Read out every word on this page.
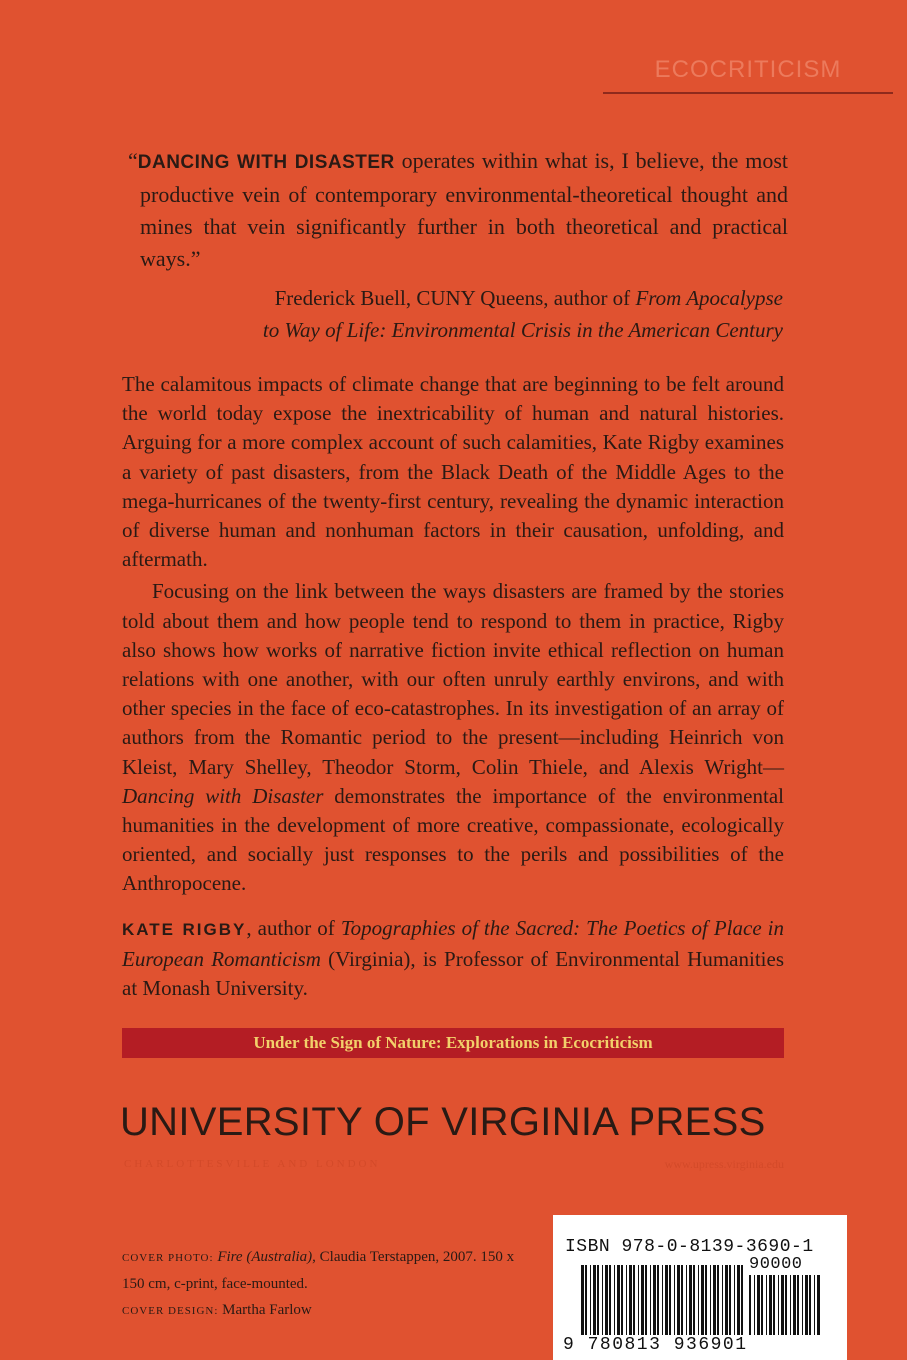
ECOCRITICISM
“DANCING WITH DISASTER operates within what is, I believe, the most productive vein of contemporary environmental-theoretical thought and mines that vein significantly further in both theoretical and practical ways.”
Frederick Buell, CUNY Queens, author of From Apocalypse
to Way of Life: Environmental Crisis in the American Century

The calamitous impacts of climate change that are beginning to be felt around the world today expose the inextricability of human and natural histories. Arguing for a more complex account of such calamities, Kate Rigby examines a variety of past disasters, from the Black Death of the Middle Ages to the mega-hurricanes of the twenty-first century, revealing the dynamic interaction of diverse human and nonhuman factors in their causation, unfolding, and aftermath.

Focusing on the link between the ways disasters are framed by the stories told about them and how people tend to respond to them in practice, Rigby also shows how works of narrative fiction invite ethical reflection on human relations with one another, with our often unruly earthly environs, and with other species in the face of eco-catastrophes. In its investigation of an array of authors from the Romantic period to the present—including Heinrich von Kleist, Mary Shelley, Theodor Storm, Colin Thiele, and Alexis Wright—Dancing with Disaster demonstrates the importance of the environmental humanities in the development of more creative, compassionate, ecologically oriented, and socially just responses to the perils and possibilities of the Anthropocene.

KATE RIGBY, author of Topographies of the Sacred: The Poetics of Place in European Romanticism (Virginia), is Professor of Environmental Humanities at Monash University.
Under the Sign of Nature: Explorations in Ecocriticism
UNIVERSITY OF VIRGINIA PRESS
CHARLOTTESVILLE AND LONDON	www.upress.virginia.edu
COVER PHOTO: Fire (Australia), Claudia Terstappen, 2007. 150 x 150 cm, c-print, face-mounted.
COVER DESIGN: Martha Farlow
ISBN 978-0-8139-3690-1
90000
9 780813 936901
